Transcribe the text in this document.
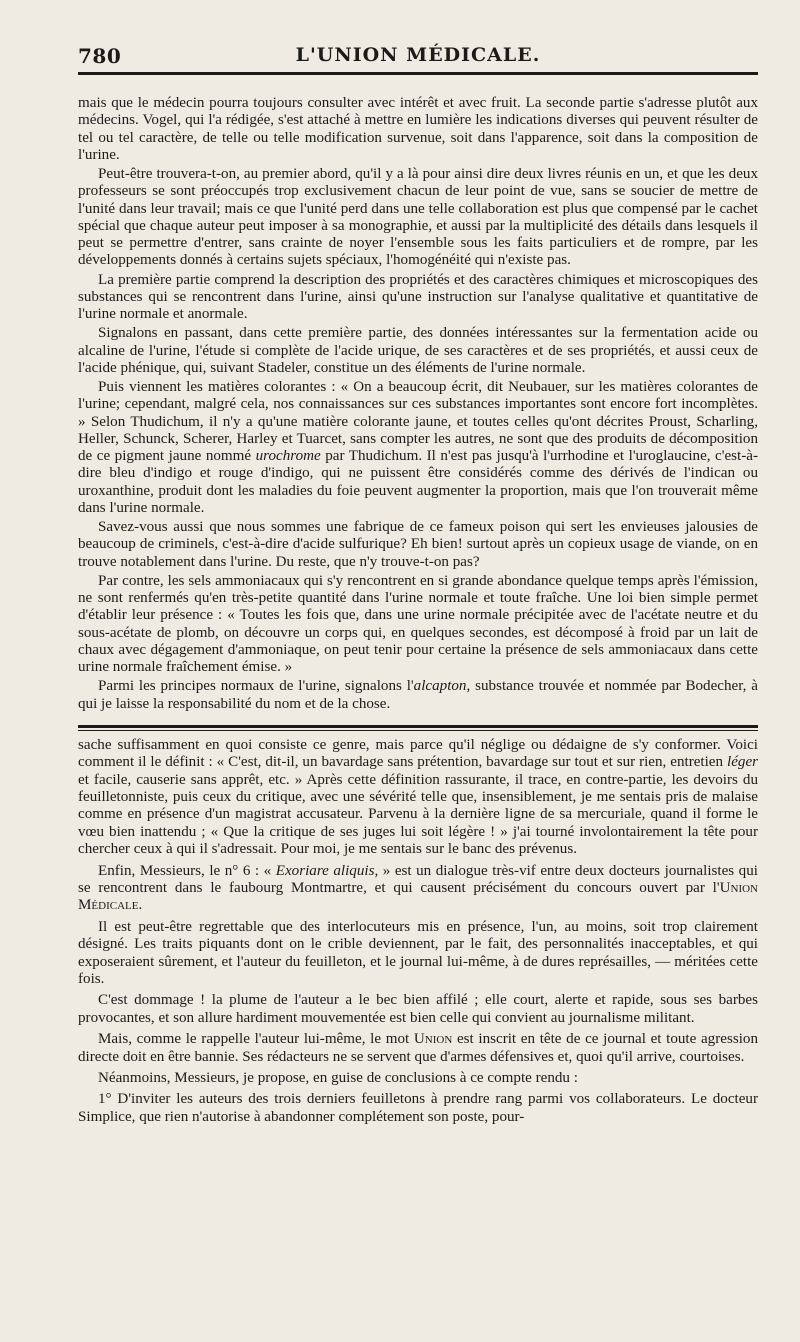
780	L'UNION MÉDICALE.

mais que le médecin pourra toujours consulter avec intérêt et avec fruit. La seconde partie s'adresse plutôt aux médecins. Vogel, qui l'a rédigée, s'est attaché à mettre en lumière les indications diverses qui peuvent résulter de tel ou tel caractère, de telle ou telle modification survenue, soit dans l'apparence, soit dans la composition de l'urine.

Peut-être trouvera-t-on, au premier abord, qu'il y a là pour ainsi dire deux livres réunis en un, et que les deux professeurs se sont préoccupés trop exclusivement chacun de leur point de vue, sans se soucier de mettre de l'unité dans leur travail; mais ce que l'unité perd dans une telle collaboration est plus que compensé par le cachet spécial que chaque auteur peut imposer à sa monographie, et aussi par la multiplicité des détails dans lesquels il peut se permettre d'entrer, sans crainte de noyer l'ensemble sous les faits particuliers et de rompre, par les développements donnés à certains sujets spéciaux, l'homogénéité qui n'existe pas.

La première partie comprend la description des propriétés et des caractères chimiques et microscopiques des substances qui se rencontrent dans l'urine, ainsi qu'une instruction sur l'analyse qualitative et quantitative de l'urine normale et anormale.

Signalons en passant, dans cette première partie, des données intéressantes sur la fermentation acide ou alcaline de l'urine, l'étude si complète de l'acide urique, de ses caractères et de ses propriétés, et aussi ceux de l'acide phénique, qui, suivant Stadeler, constitue un des éléments de l'urine normale.

Puis viennent les matières colorantes : « On a beaucoup écrit, dit Neubauer, sur les matières colorantes de l'urine; cependant, malgré cela, nos connaissances sur ces substances importantes sont encore fort incomplètes. » Selon Thudichum, il n'y a qu'une matière colorante jaune, et toutes celles qu'ont décrites Proust, Scharling, Heller, Schunck, Scherer, Harley et Tuarcet, sans compter les autres, ne sont que des produits de décomposition de ce pigment jaune nommé urochrome par Thudichum. Il n'est pas jusqu'à l'urrhodine et l'uroglaucine, c'est-à-dire bleu d'indigo et rouge d'indigo, qui ne puissent être considérés comme des dérivés de l'indican ou uroxanthine, produit dont les maladies du foie peuvent augmenter la proportion, mais que l'on trouverait même dans l'urine normale.

Savez-vous aussi que nous sommes une fabrique de ce fameux poison qui sert les envieuses jalousies de beaucoup de criminels, c'est-à-dire d'acide sulfurique? Eh bien! surtout après un copieux usage de viande, on en trouve notablement dans l'urine. Du reste, que n'y trouve-t-on pas?

Par contre, les sels ammoniacaux qui s'y rencontrent en si grande abondance quelque temps après l'émission, ne sont renfermés qu'en très-petite quantité dans l'urine normale et toute fraîche. Une loi bien simple permet d'établir leur présence : « Toutes les fois que, dans une urine normale précipitée avec de l'acétate neutre et du sous-acétate de plomb, on découvre un corps qui, en quelques secondes, est décomposé à froid par un lait de chaux avec dégagement d'ammoniaque, on peut tenir pour certaine la présence de sels ammoniacaux dans cette urine normale fraîchement émise. »

Parmi les principes normaux de l'urine, signalons l'alcapton, substance trouvée et nommée par Bodecher, à qui je laisse la responsabilité du nom et de la chose.

sache suffisamment en quoi consiste ce genre, mais parce qu'il néglige ou dédaigne de s'y conformer. Voici comment il le définit : « C'est, dit-il, un bavardage sans prétention, bavardage sur tout et sur rien, entretien léger et facile, causerie sans apprêt, etc. » Après cette définition rassurante, il trace, en contre-partie, les devoirs du feuilletonniste, puis ceux du critique, avec une sévérité telle que, insensiblement, je me sentais pris de malaise comme en présence d'un magistrat accusateur. Parvenu à la dernière ligne de sa mercuriale, quand il forme le vœu bien inattendu ; « Que la critique de ses juges lui soit légère ! » j'ai tourné involontairement la tête pour chercher ceux à qui il s'adressait. Pour moi, je me sentais sur le banc des prévenus.

Enfin, Messieurs, le n° 6 : « Exoriare aliquis, » est un dialogue très-vif entre deux docteurs journalistes qui se rencontrent dans le faubourg Montmartre, et qui causent précisément du concours ouvert par l'Union Médicale.

Il est peut-être regrettable que des interlocuteurs mis en présence, l'un, au moins, soit trop clairement désigné. Les traits piquants dont on le crible deviennent, par le fait, des personnalités inacceptables, et qui exposeraient sûrement, et l'auteur du feuilleton, et le journal lui-même, à de dures représailles, — méritées cette fois.

C'est dommage ! la plume de l'auteur a le bec bien affilé ; elle court, alerte et rapide, sous ses barbes provocantes, et son allure hardiment mouvementée est bien celle qui convient au journalisme militant.

Mais, comme le rappelle l'auteur lui-même, le mot Union est inscrit en tête de ce journal et toute agression directe doit en être bannie. Ses rédacteurs ne se servent que d'armes défensives et, quoi qu'il arrive, courtoises.

Néanmoins, Messieurs, je propose, en guise de conclusions à ce compte rendu :

1° D'inviter les auteurs des trois derniers feuilletons à prendre rang parmi vos collaborateurs. Le docteur Simplice, que rien n'autorise à abandonner complétement son poste, pour-
